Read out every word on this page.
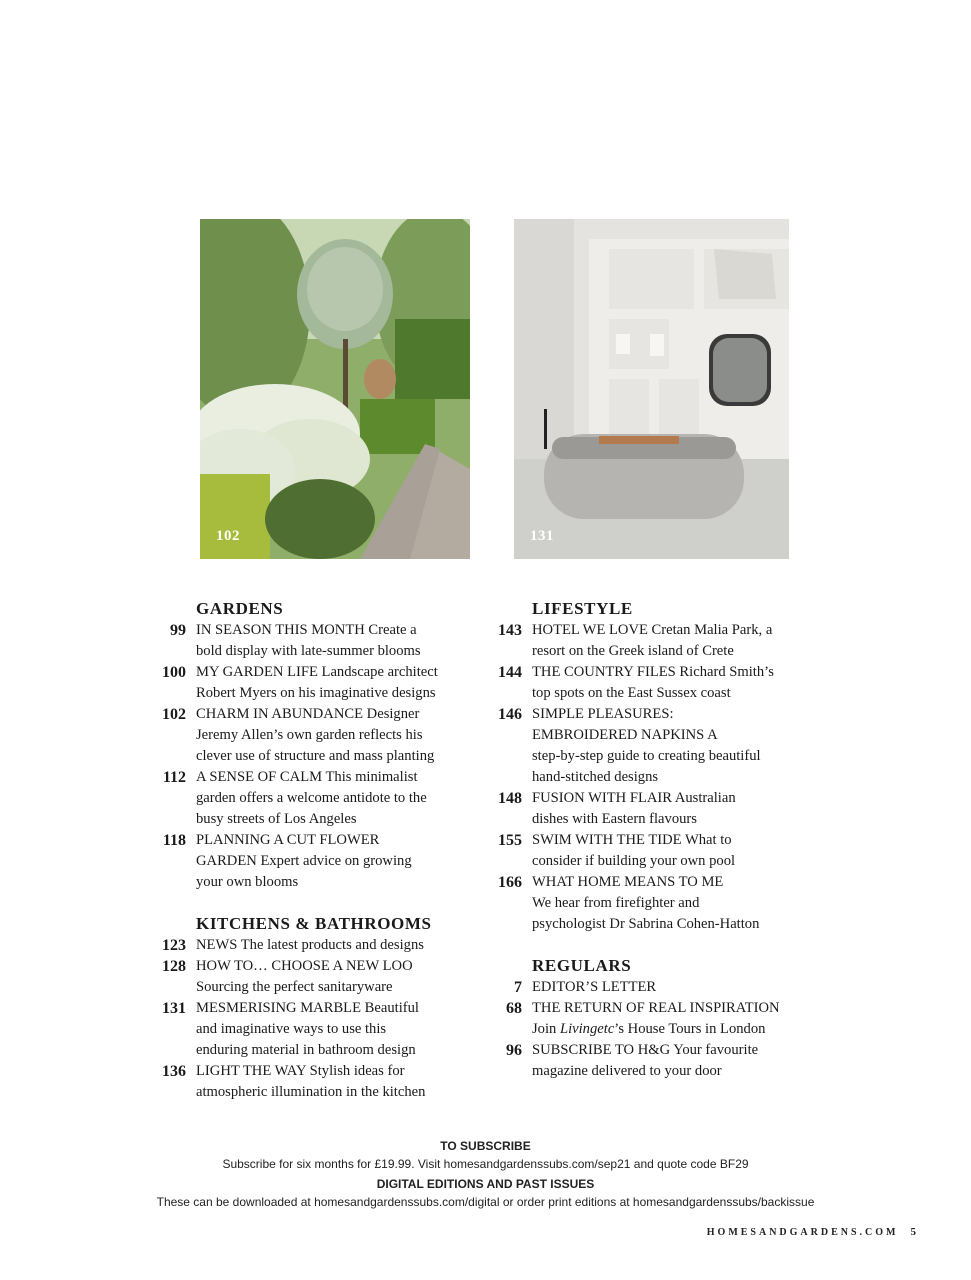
102	131
GARDENS
99 IN SEASON THIS MONTH Create a
bold display with late-summer blooms
100 MY GARDEN LIFE Landscape architect
Robert Myers on his imaginative designs
102 CHARM IN ABUNDANCE Designer
Jeremy Allen’s own garden reflects his
clever use of structure and mass planting
112 A SENSE OF CALM This minimalist
garden offers a welcome antidote to the
busy streets of Los Angeles
118 PLANNING A CUT FLOWER
GARDEN Expert advice on growing
your own blooms
KITCHENS & BATHROOMS
123 NEWS The latest products and designs
128 HOW TO… CHOOSE A NEW LOO
Sourcing the perfect sanitaryware
131 MESMERISING MARBLE Beautiful
and imaginative ways to use this
enduring material in bathroom design
136 LIGHT THE WAY Stylish ideas for
atmospheric illumination in the kitchen
LIFESTYLE
143 HOTEL WE LOVE Cretan Malia Park, a
resort on the Greek island of Crete
144 THE COUNTRY FILES Richard Smith’s
top spots on the East Sussex coast
146 SIMPLE PLEASURES:
EMBROIDERED NAPKINS A
step-by-step guide to creating beautiful
hand-stitched designs
148 FUSION WITH FLAIR Australian
dishes with Eastern flavours
155 SWIM WITH THE TIDE What to
consider if building your own pool
166 WHAT HOME MEANS TO ME
We hear from firefighter and
psychologist Dr Sabrina Cohen-Hatton
REGULARS
7 EDITOR’S LETTER
68 THE RETURN OF REAL INSPIRATION
Join Livingetc’s House Tours in London
96 SUBSCRIBE TO H&G Your favourite
magazine delivered to your door
TO SUBSCRIBE
Subscribe for six months for £19.99. Visit homesandgardenssubs.com/sep21 and quote code BF29
DIGITAL EDITIONS AND PAST ISSUES
These can be downloaded at homesandgardenssubs.com/digital or order print editions at homesandgardenssubs/backissue
HOMESANDGARDENS.COM 5
